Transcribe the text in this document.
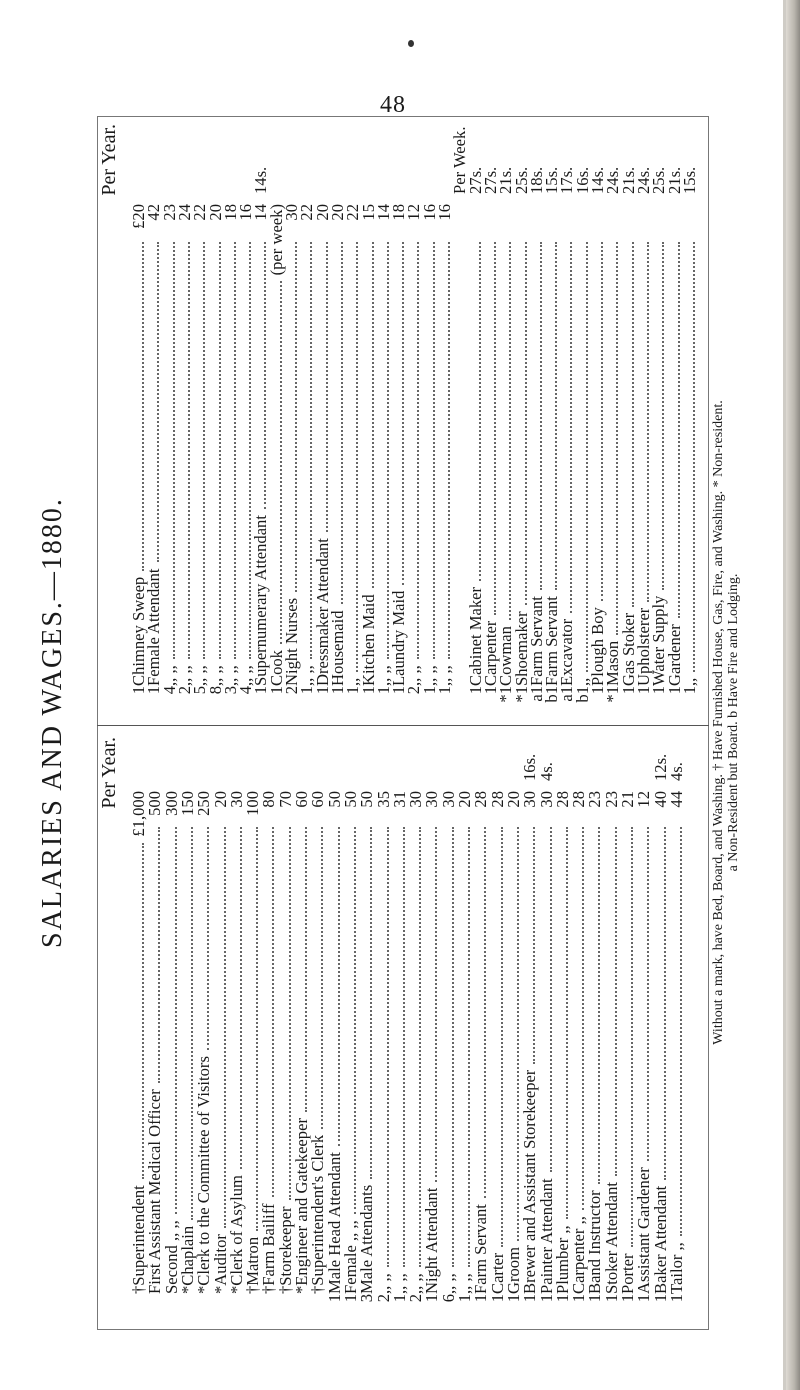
48
SALARIES AND WAGES.—1880. Per Year.
†Superintendent
£1,000
First Assistant Medical Officer
500
Second ,, ,,
300
*Chaplain
150
*Clerk to the Committee of Visitors
250
*Auditor
20
*Clerk of Asylum
30
†Matron
100
†Farm Bailiff
80
†Storekeeper
70
*Engineer and Gatekeeper
60
†Superintendent's Clerk
60
1
Male Head Attendant
50
1
Female ,, ,,
50
3
Male Attendants
50
2
,, ,,
35
1
,, ,,
31
2
,, ,,
30
1
Night Attendant
30
6
,, ,,
30
1
,, ,,
20
1
Farm Servant
28
1
Carter
28
1
Groom
20
1
Brewer and Assistant Storekeeper
30
16s.
1
Painter Attendant
30
4s.
1
Plumber ,,
28
1
Carpenter ,,
28
1
Band Instructor
23
1
Stoker Attendant
23
1
Porter
21
1
Assistant Gardener
12
1
Baker Attendant
40
12s.
1
Tailor ,,
44
4s.
Per Year.
1
Chimney Sweep
£20
1
Female Attendant
42
4
,, ,,
23
2
,, ,,
24
5
,, ,,
22
8
,, ,,
20
3
,, ,,
18
4
,, ,,
16
1
Supernumerary Attendant
14
14s.
1
Cook
(per week)
2
Night Nurses
30
1
,, ,,
22
1
Dressmaker Attendant
20
1
Housemaid
20
1
,,
22
1
Kitchen Maid
15
1
,, ,,
14
1
Laundry Maid
18
2
,, ,,
12
1
,, ,,
16
1
,, ,,
16
Per Week.
1
Cabinet Maker
27s.
1
Carpenter
27s.
*1
Cowman
21s.
*1
Shoemaker
25s.
a1
Farm Servant
18s.
b1
Farm Servant
15s.
a1
Excavator
17s.
b1
,,
16s.
1
Plough Boy
14s.
*1
Mason
24s.
1
Gas Stoker
21s.
1
Upholsterer
24s.
1
Water Supply
25s.
1
Gardener
21s.
1
,,
15s.
Without a mark, have Bed, Board, and Washing. † Have Furnished House, Gas, Fire, and Washing. * Non-resident. a Non-Resident but Board. b Have Fire and Lodging.
